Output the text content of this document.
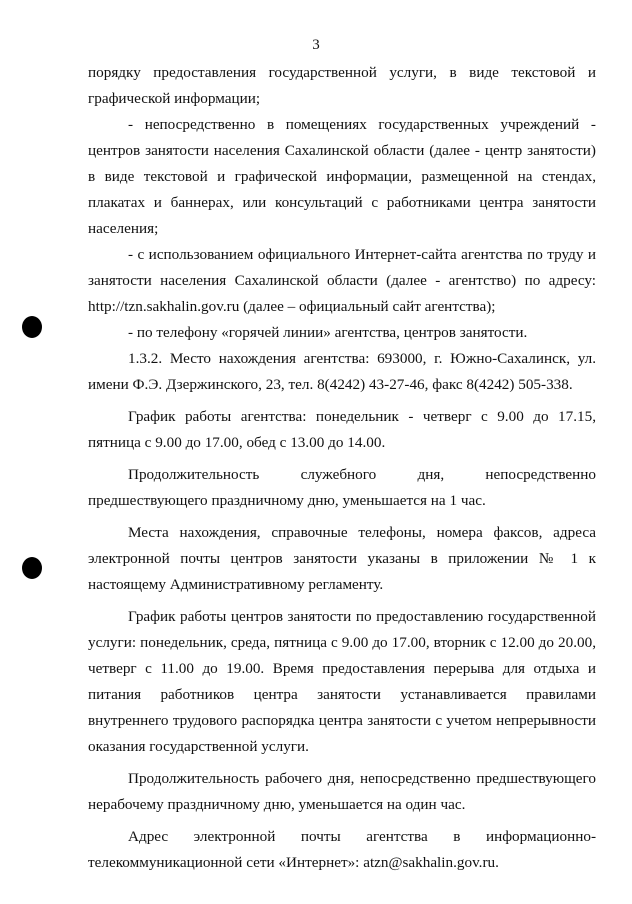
3

порядку предоставления государственной услуги, в виде текстовой и графической информации;

- непосредственно в помещениях государственных учреждений - центров занятости населения Сахалинской области (далее - центр занятости) в виде текстовой и графической информации, размещенной на стендах, плакатах и баннерах, или консультаций с работниками центра занятости населения;

- с использованием официального Интернет-сайта агентства по труду и занятости населения Сахалинской области (далее - агентство) по адресу: http://tzn.sakhalin.gov.ru (далее – официальный сайт агентства);

- по телефону «горячей линии» агентства, центров занятости.

1.3.2. Место нахождения агентства: 693000, г. Южно-Сахалинск, ул. имени Ф.Э. Дзержинского, 23, тел. 8(4242) 43-27-46, факс 8(4242) 505-338.

График работы агентства: понедельник - четверг с 9.00 до 17.15, пятница с 9.00 до 17.00, обед с 13.00 до 14.00.

Продолжительность служебного дня, непосредственно предшествующего праздничному дню, уменьшается на 1 час.

Места нахождения, справочные телефоны, номера факсов, адреса электронной почты центров занятости указаны в приложении № 1 к настоящему Административному регламенту.

График работы центров занятости по предоставлению государственной услуги: понедельник, среда, пятница с 9.00 до 17.00, вторник с 12.00 до 20.00, четверг с 11.00 до 19.00. Время предоставления перерыва для отдыха и питания работников центра занятости устанавливается правилами внутреннего трудового распорядка центра занятости с учетом непрерывности оказания государственной услуги.

Продолжительность рабочего дня, непосредственно предшествующего нерабочему праздничному дню, уменьшается на один час.

Адрес электронной почты агентства в информационно-телекоммуникационной сети «Интернет»: atzn@sakhalin.gov.ru.
